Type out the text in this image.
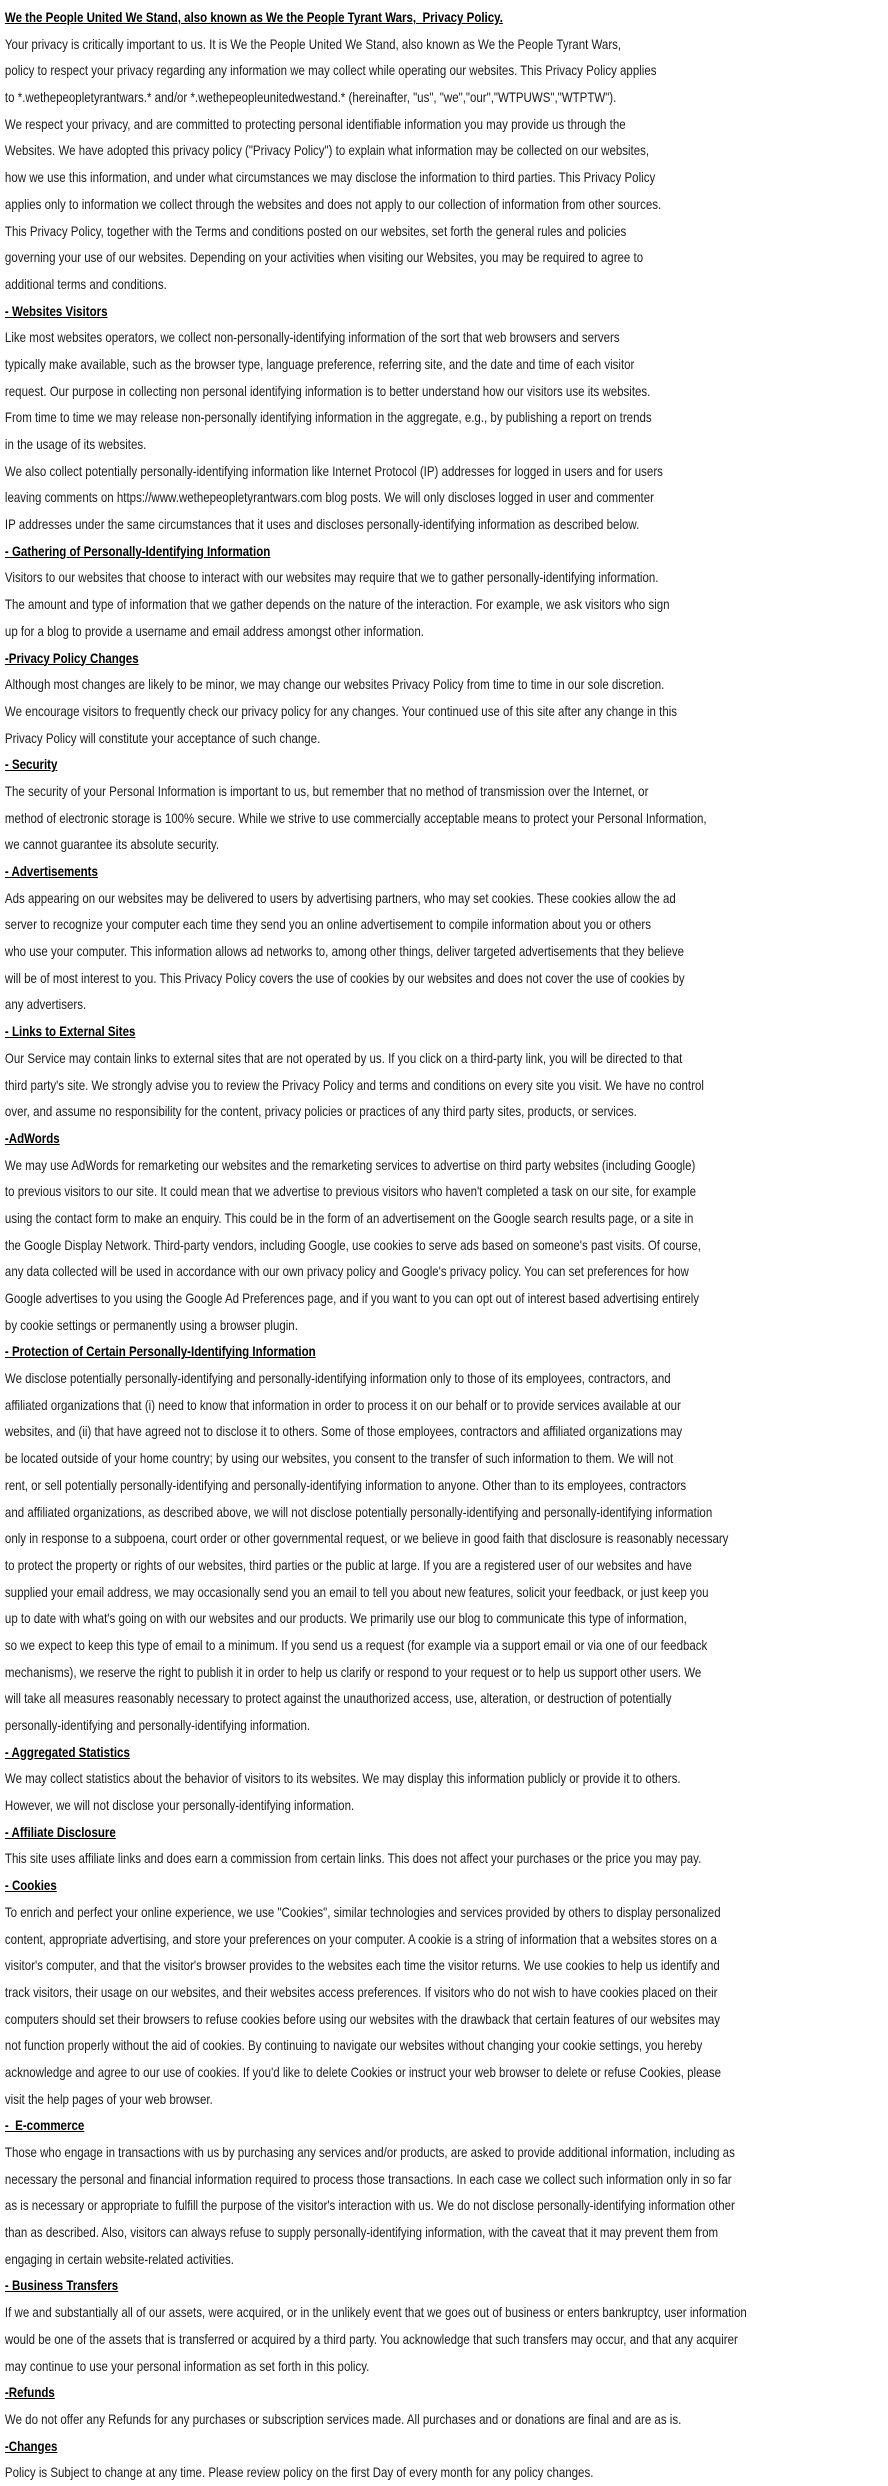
We the People United We Stand, also known as We the People Tyrant Wars,  Privacy Policy.
Your privacy is critically important to us. It is We the People United We Stand, also known as We the People Tyrant Wars,
policy to respect your privacy regarding any information we may collect while operating our websites. This Privacy Policy applies
to *.wethepeopletyrantwars.* and/or *.wethepeopleunitedwestand.* (hereinafter, "us", "we","our","WTPUWS","WTPTW").
We respect your privacy, and are committed to protecting personal identifiable information you may provide us through the
Websites. We have adopted this privacy policy ("Privacy Policy") to explain what information may be collected on our websites,
how we use this information, and under what circumstances we may disclose the information to third parties. This Privacy Policy
applies only to information we collect through the websites and does not apply to our collection of information from other sources.
This Privacy Policy, together with the Terms and conditions posted on our websites, set forth the general rules and policies
governing your use of our websites. Depending on your activities when visiting our Websites, you may be required to agree to
additional terms and conditions.
- Websites Visitors
Like most websites operators, we collect non-personally-identifying information of the sort that web browsers and servers
typically make available, such as the browser type, language preference, referring site, and the date and time of each visitor
request. Our purpose in collecting non personal identifying information is to better understand how our visitors use its websites.
From time to time we may release non-personally identifying information in the aggregate, e.g., by publishing a report on trends
in the usage of its websites.
We also collect potentially personally-identifying information like Internet Protocol (IP) addresses for logged in users and for users
leaving comments on https://www.wethepeopletyrantwars.com blog posts. We will only discloses logged in user and commenter
IP addresses under the same circumstances that it uses and discloses personally-identifying information as described below.
- Gathering of Personally-Identifying Information
Visitors to our websites that choose to interact with our websites may require that we to gather personally-identifying information.
The amount and type of information that we gather depends on the nature of the interaction. For example, we ask visitors who sign
up for a blog to provide a username and email address amongst other information.
-Privacy Policy Changes
Although most changes are likely to be minor, we may change our websites Privacy Policy from time to time in our sole discretion.
We encourage visitors to frequently check our privacy policy for any changes. Your continued use of this site after any change in this
Privacy Policy will constitute your acceptance of such change.
- Security
The security of your Personal Information is important to us, but remember that no method of transmission over the Internet, or
method of electronic storage is 100% secure. While we strive to use commercially acceptable means to protect your Personal Information,
we cannot guarantee its absolute security.
- Advertisements
Ads appearing on our websites may be delivered to users by advertising partners, who may set cookies. These cookies allow the ad
server to recognize your computer each time they send you an online advertisement to compile information about you or others
who use your computer. This information allows ad networks to, among other things, deliver targeted advertisements that they believe
will be of most interest to you. This Privacy Policy covers the use of cookies by our websites and does not cover the use of cookies by
any advertisers.
- Links to External Sites
Our Service may contain links to external sites that are not operated by us. If you click on a third-party link, you will be directed to that
third party's site. We strongly advise you to review the Privacy Policy and terms and conditions on every site you visit. We have no control
over, and assume no responsibility for the content, privacy policies or practices of any third party sites, products, or services.
-AdWords
We may use AdWords for remarketing our websites and the remarketing services to advertise on third party websites (including Google)
to previous visitors to our site. It could mean that we advertise to previous visitors who haven't completed a task on our site, for example
using the contact form to make an enquiry. This could be in the form of an advertisement on the Google search results page, or a site in
the Google Display Network. Third-party vendors, including Google, use cookies to serve ads based on someone's past visits. Of course,
any data collected will be used in accordance with our own privacy policy and Google's privacy policy. You can set preferences for how
Google advertises to you using the Google Ad Preferences page, and if you want to you can opt out of interest based advertising entirely
by cookie settings or permanently using a browser plugin.
- Protection of Certain Personally-Identifying Information
We disclose potentially personally-identifying and personally-identifying information only to those of its employees, contractors, and
affiliated organizations that (i) need to know that information in order to process it on our behalf or to provide services available at our
websites, and (ii) that have agreed not to disclose it to others. Some of those employees, contractors and affiliated organizations may
be located outside of your home country; by using our websites, you consent to the transfer of such information to them. We will not
rent, or sell potentially personally-identifying and personally-identifying information to anyone. Other than to its employees, contractors
and affiliated organizations, as described above, we will not disclose potentially personally-identifying and personally-identifying information
only in response to a subpoena, court order or other governmental request, or we believe in good faith that disclosure is reasonably necessary
to protect the property or rights of our websites, third parties or the public at large. If you are a registered user of our websites and have
supplied your email address, we may occasionally send you an email to tell you about new features, solicit your feedback, or just keep you
up to date with what's going on with our websites and our products. We primarily use our blog to communicate this type of information,
so we expect to keep this type of email to a minimum. If you send us a request (for example via a support email or via one of our feedback
mechanisms), we reserve the right to publish it in order to help us clarify or respond to your request or to help us support other users. We
will take all measures reasonably necessary to protect against the unauthorized access, use, alteration, or destruction of potentially
personally-identifying and personally-identifying information.
- Aggregated Statistics
We may collect statistics about the behavior of visitors to its websites. We may display this information publicly or provide it to others.
However, we will not disclose your personally-identifying information.
- Affiliate Disclosure
This site uses affiliate links and does earn a commission from certain links. This does not affect your purchases or the price you may pay.
- Cookies
To enrich and perfect your online experience, we use "Cookies", similar technologies and services provided by others to display personalized
content, appropriate advertising, and store your preferences on your computer. A cookie is a string of information that a websites stores on a
visitor's computer, and that the visitor's browser provides to the websites each time the visitor returns. We use cookies to help us identify and
track visitors, their usage on our websites, and their websites access preferences. If visitors who do not wish to have cookies placed on their
computers should set their browsers to refuse cookies before using our websites with the drawback that certain features of our websites may
not function properly without the aid of cookies. By continuing to navigate our websites without changing your cookie settings, you hereby
acknowledge and agree to our use of cookies. If you'd like to delete Cookies or instruct your web browser to delete or refuse Cookies, please
visit the help pages of your web browser.
-  E-commerce
Those who engage in transactions with us by purchasing any services and/or products, are asked to provide additional information, including as
necessary the personal and financial information required to process those transactions. In each case we collect such information only in so far
as is necessary or appropriate to fulfill the purpose of the visitor's interaction with us. We do not disclose personally-identifying information other
than as described. Also, visitors can always refuse to supply personally-identifying information, with the caveat that it may prevent them from
engaging in certain website-related activities.
- Business Transfers
If we and substantially all of our assets, were acquired, or in the unlikely event that we goes out of business or enters bankruptcy, user information
would be one of the assets that is transferred or acquired by a third party. You acknowledge that such transfers may occur, and that any acquirer
may continue to use your personal information as set forth in this policy.
-Refunds
We do not offer any Refunds for any purchases or subscription services made. All purchases and or donations are final and are as is.
-Changes
Policy is Subject to change at any time. Please review policy on the first Day of every month for any policy changes.
